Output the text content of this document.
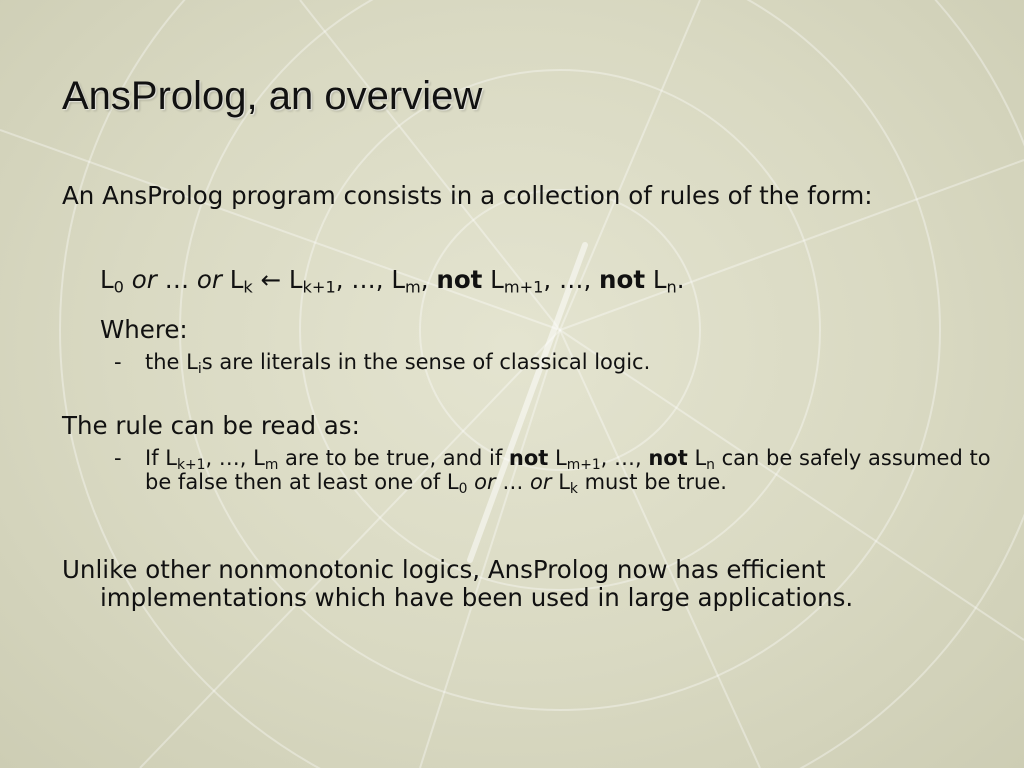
AnsProlog, an overview

An AnsProlog program consists in a collection of rules of the form:

$L_0$ or … or $L_k$ ← $L_{k+1}$, …, $L_m$, not $L_{m+1}$, …, not $L_n$.

Where:

- the $L_is$ are literals in the sense of classical logic.

The rule can be read as:

- If $L_{k+1}$, …, $L_m$ are to be true, and if not $L_{m+1}$, …, not $L_n$ can be safely assumed to be false then at least one of $L_0$ or … or $L_k$ must be true.

Unlike other nonmonotonic logics, AnsProlog now has efficient implementations which have been used in large applications.
